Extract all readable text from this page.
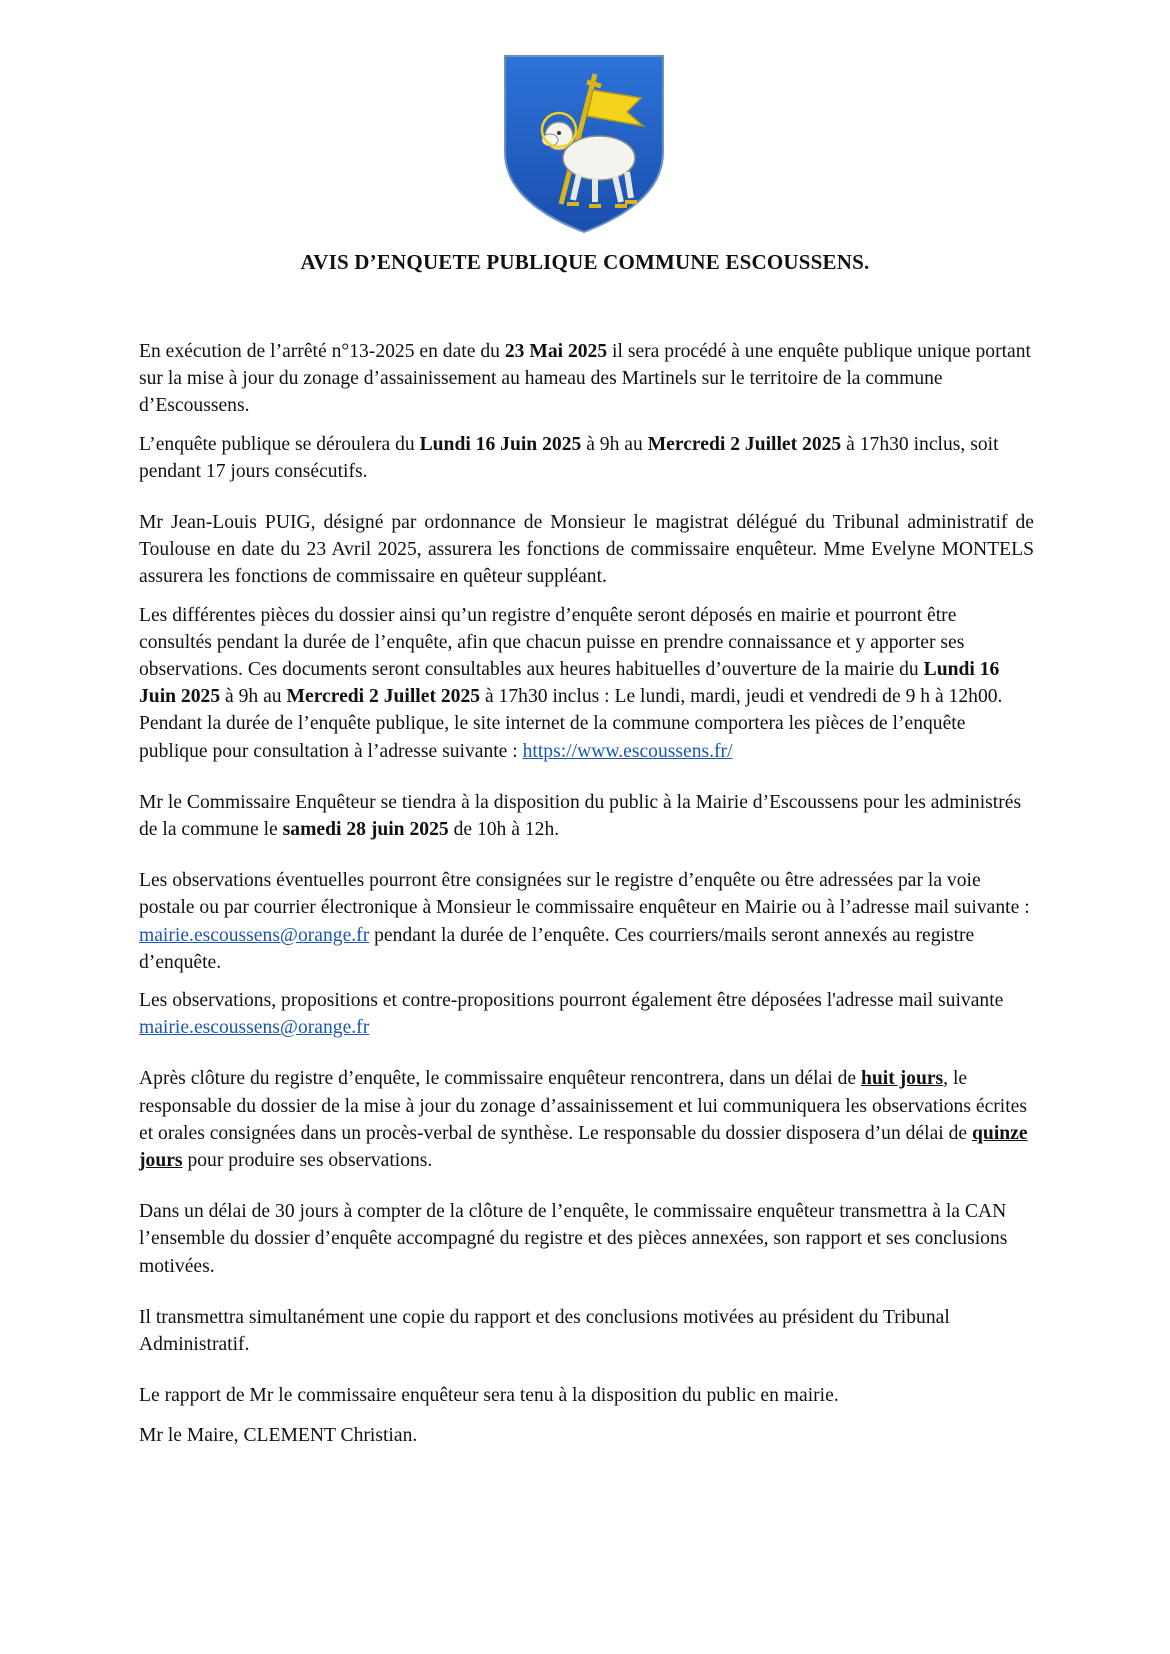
AVIS D’ENQUETE PUBLIQUE COMMUNE ESCOUSSENS.

En exécution de l’arrêté n°13-2025 en date du 23 Mai 2025 il sera procédé à une enquête publique unique portant sur la mise à jour du zonage d’assainissement au hameau des Martinels sur le territoire de la commune d’Escoussens.

L’enquête publique se déroulera du Lundi 16 Juin 2025 à 9h au Mercredi 2 Juillet 2025 à 17h30 inclus, soit pendant 17 jours consécutifs.

Mr Jean-Louis PUIG, désigné par ordonnance de Monsieur le magistrat délégué du Tribunal administratif de Toulouse en date du 23 Avril 2025, assurera les fonctions de commissaire enquêteur. Mme Evelyne MONTELS assurera les fonctions de commissaire en quêteur suppléant.

Les différentes pièces du dossier ainsi qu’un registre d’enquête seront déposés en mairie et pourront être consultés pendant la durée de l’enquête, afin que chacun puisse en prendre connaissance et y apporter ses observations. Ces documents seront consultables aux heures habituelles d’ouverture de la mairie du Lundi 16 Juin 2025 à 9h au Mercredi 2 Juillet 2025 à 17h30 inclus : Le lundi, mardi, jeudi et vendredi de 9 h à 12h00.

Pendant la durée de l’enquête publique, le site internet de la commune comportera les pièces de l’enquête publique pour consultation à l’adresse suivante : https://www.escoussens.fr/

Mr le Commissaire Enquêteur se tiendra à la disposition du public à la Mairie d’Escoussens pour les administrés de la commune le samedi 28 juin 2025 de 10h à 12h.

Les observations éventuelles pourront être consignées sur le registre d’enquête ou être adressées par la voie postale ou par courrier électronique à Monsieur le commissaire enquêteur en Mairie ou à l’adresse mail suivante : mairie.escoussens@orange.fr pendant la durée de l’enquête. Ces courriers/mails seront annexés au registre d’enquête.

Les observations, propositions et contre-propositions pourront également être déposées l'adresse mail suivante mairie.escoussens@orange.fr

Après clôture du registre d’enquête, le commissaire enquêteur rencontrera, dans un délai de huit jours, le responsable du dossier de la mise à jour du zonage d’assainissement et lui communiquera les observations écrites et orales consignées dans un procès-verbal de synthèse. Le responsable du dossier disposera d’un délai de quinze jours pour produire ses observations.

Dans un délai de 30 jours à compter de la clôture de l’enquête, le commissaire enquêteur transmettra à la CAN l’ensemble du dossier d’enquête accompagné du registre et des pièces annexées, son rapport et ses conclusions motivées.

Il transmettra simultanément une copie du rapport et des conclusions motivées au président du Tribunal Administratif.

Le rapport de Mr le commissaire enquêteur sera tenu à la disposition du public en mairie.

Mr le Maire, CLEMENT Christian.
